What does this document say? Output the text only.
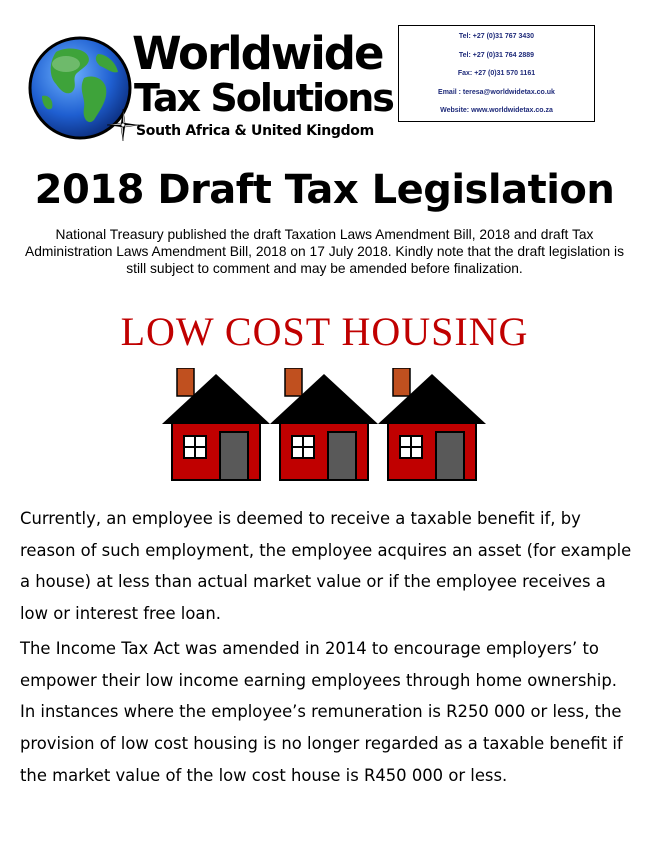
Worldwide
Tax Solutions
South Africa & United Kingdom
Tel: +27 (0)31 767 3430
Tel: +27 (0)31 764 2889
Fax: +27 (0)31 570 1161
Email : teresa@worldwidetax.co.uk
Website: www.worldwidetax.co.za
2018 Draft Tax Legislation
National Treasury published the draft Taxation Laws Amendment Bill, 2018 and draft Tax Administration Laws Amendment Bill, 2018 on 17 July 2018. Kindly note that the draft legislation is still subject to comment and may be amended before finalization.
LOW COST HOUSING
Currently, an employee is deemed to receive a taxable benefit if, by reason of such employment, the employee acquires an asset (for example a house) at less than actual market value or if the employee receives a low or interest free loan.
The Income Tax Act was amended in 2014 to encourage employers’ to empower their low income earning employees through home ownership. In instances where the employee’s remuneration is R250 000 or less, the provision of low cost housing is no longer regarded as a taxable benefit if the market value of the low cost house is R450 000 or less.
